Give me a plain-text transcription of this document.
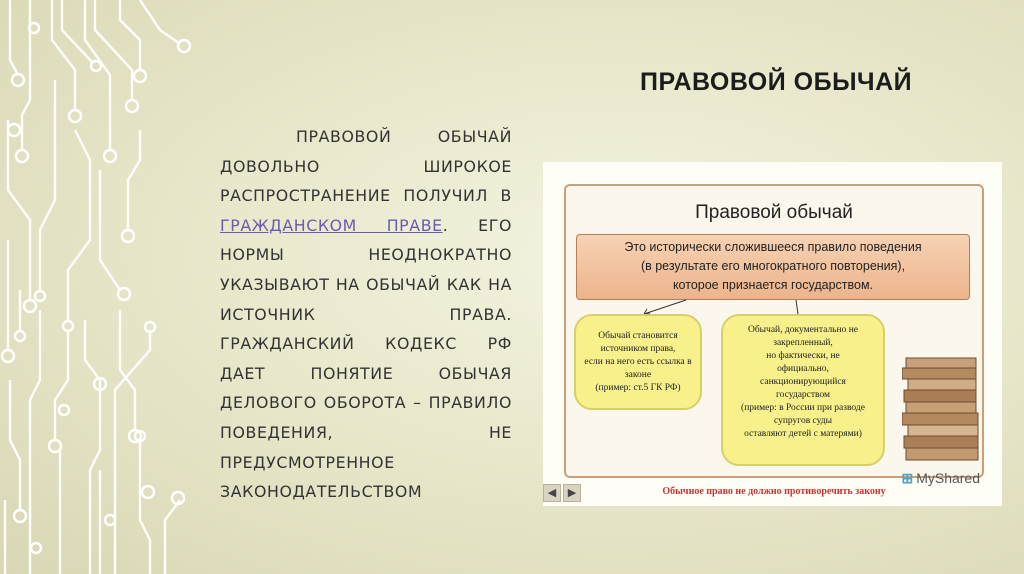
ПРАВОВОЙ ОБЫЧАЙ
ПРАВОВОЙ ОБЫЧАЙ ДОВОЛЬНО ШИРОКОЕ РАСПРОСТРАНЕНИЕ ПОЛУЧИЛ В ГРАЖДАНСКОМ ПРАВЕ. ЕГО НОРМЫ НЕОДНОКРАТНО УКАЗЫВАЮТ НА ОБЫЧАЙ КАК НА ИСТОЧНИК ПРАВА. ГРАЖДАНСКИЙ КОДЕКС РФ ДАЕТ ПОНЯТИЕ ОБЫЧАЯ ДЕЛОВОГО ОБОРОТА – ПРАВИЛО ПОВЕДЕНИЯ, НЕ ПРЕДУСМОТРЕННОЕ ЗАКОНОДАТЕЛЬСТВОМ
Правовой обычай
Это исторически сложившееся правило поведения
(в результате его многократного повторения),
которое признается государством.
Обычай становится
источником права,
если на него есть ссылка в
законе
(пример: ст.5 ГК РФ)
Обычай, документально не
закрепленный,
но фактически, не
официально,
санкционирующийся
государством
(пример: в России при разводе
супругов суды
оставляют детей с матерями)
Обычное право не должно противоречить закону
⊞ MyShared
◀	▶
